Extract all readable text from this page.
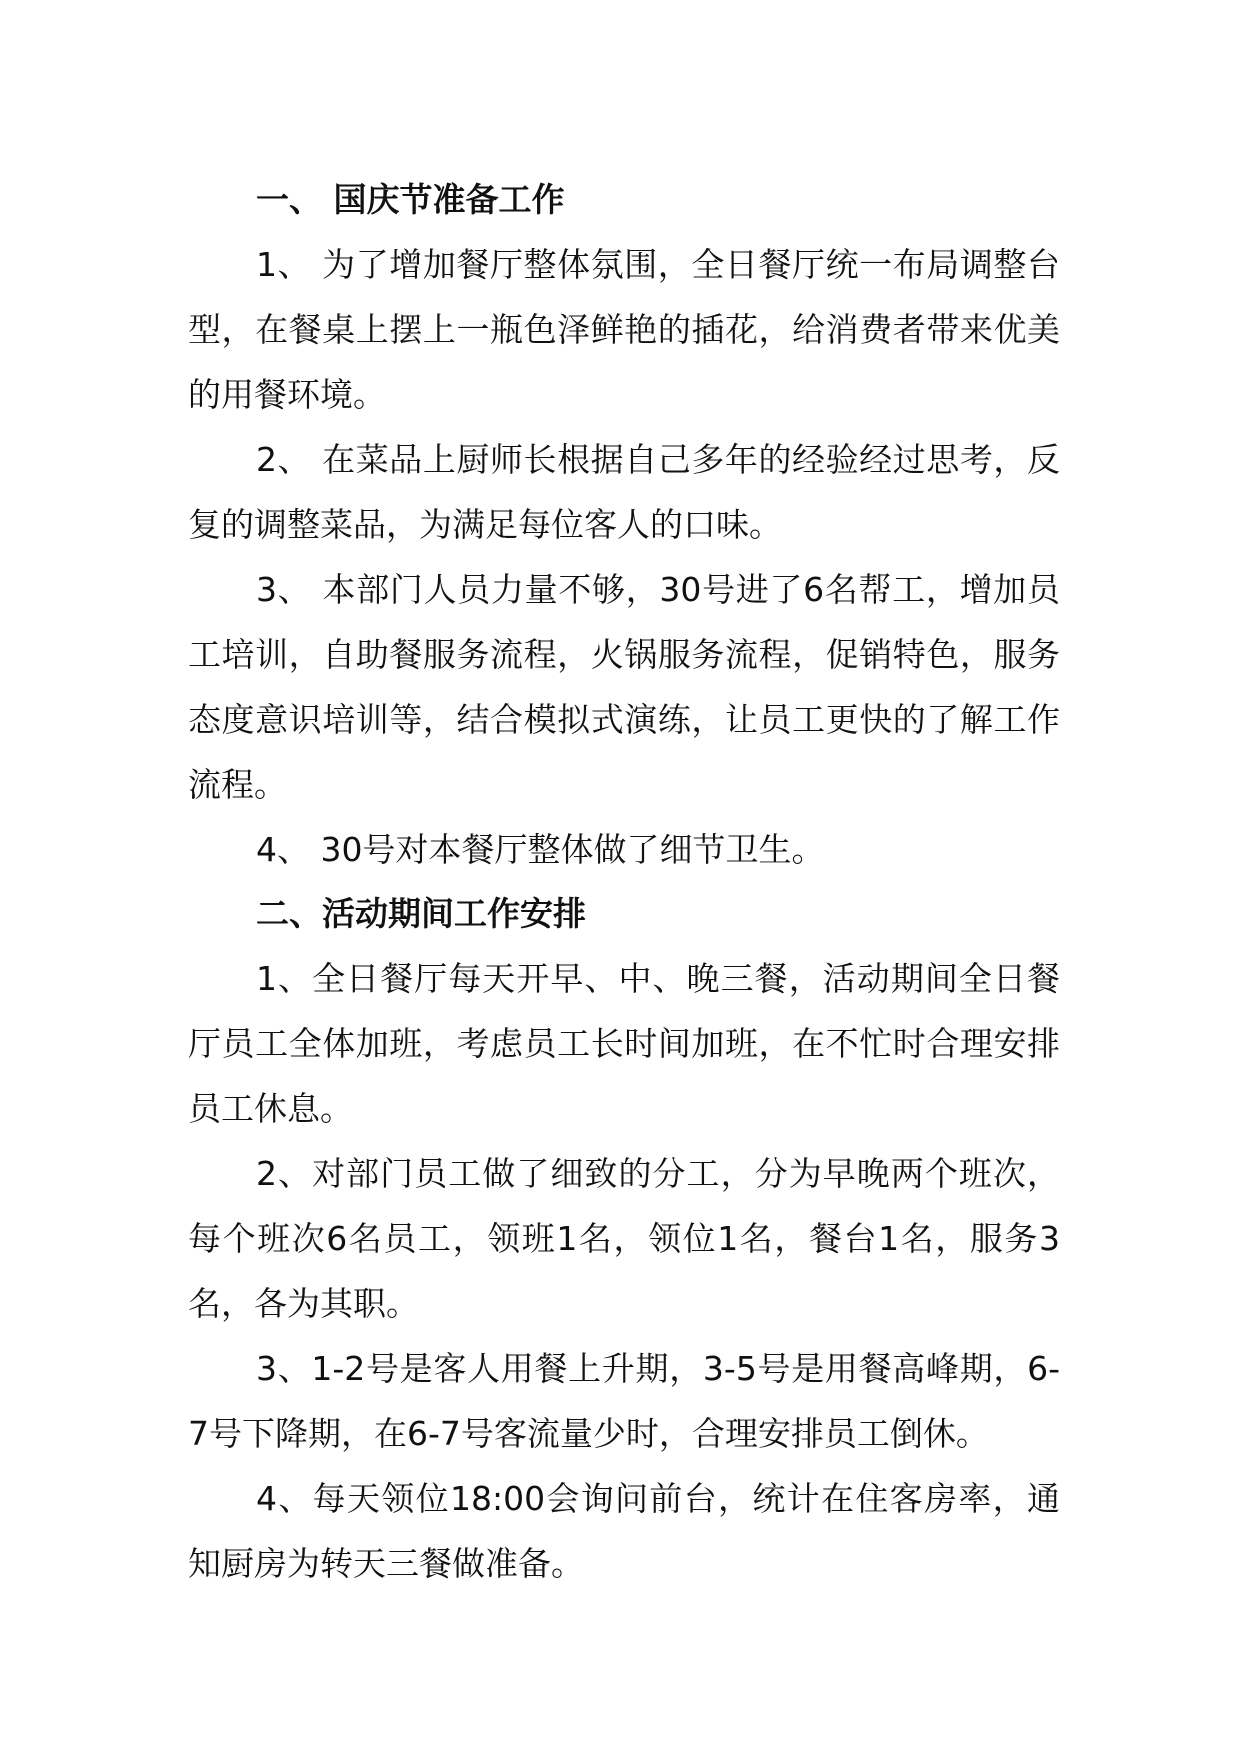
一、 国庆节准备工作

1、 为了增加餐厅整体氛围，全日餐厅统一布局调整台型，在餐桌上摆上一瓶色泽鲜艳的插花，给消费者带来优美的用餐环境。

2、 在菜品上厨师长根据自己多年的经验经过思考，反复的调整菜品，为满足每位客人的口味。

3、 本部门人员力量不够，30号进了6名帮工，增加员工培训，自助餐服务流程，火锅服务流程，促销特色，服务态度意识培训等，结合模拟式演练，让员工更快的了解工作流程。

4、 30号对本餐厅整体做了细节卫生。

二、活动期间工作安排

1、全日餐厅每天开早、中、晚三餐，活动期间全日餐厅员工全体加班，考虑员工长时间加班，在不忙时合理安排员工休息。

2、对部门员工做了细致的分工，分为早晚两个班次，每个班次6名员工，领班1名，领位1名，餐台1名，服务3名，各为其职。

3、1-2号是客人用餐上升期，3-5号是用餐高峰期，6-7号下降期，在6-7号客流量少时，合理安排员工倒休。

4、每天领位18:00会询问前台，统计在住客房率，通知厨房为转天三餐做准备。
